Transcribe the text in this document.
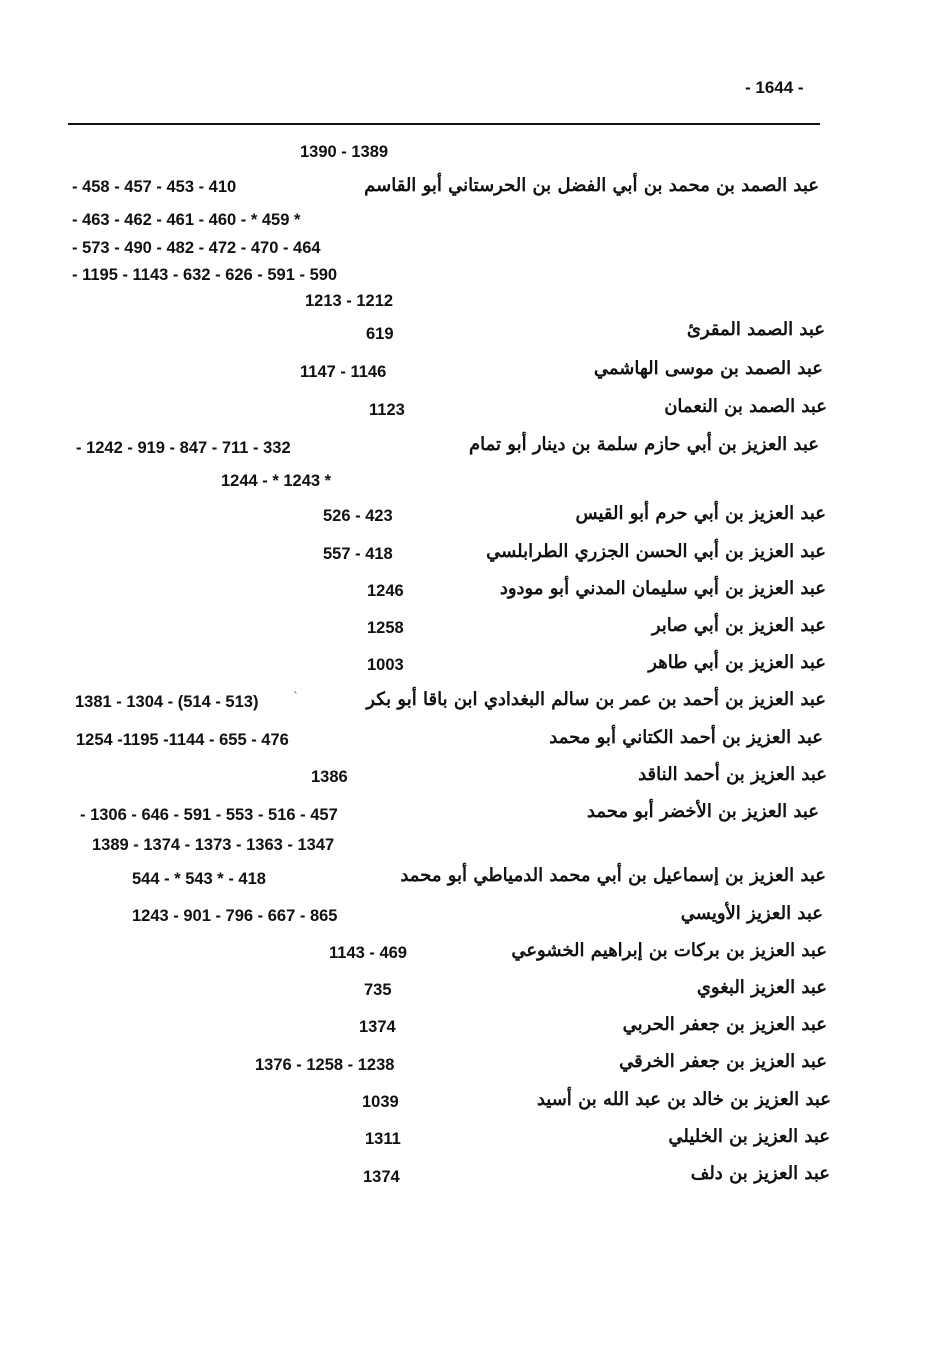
- 1644 -
1390 - 1389
عبد الصمد بن محمد بن أبي الفضل بن الحرستاني أبو القاسم
- 458 - 457 - 453 - 410
- 463 - 462 - 461 - 460 - * 459 *
- 573 - 490 - 482 - 472 - 470 - 464
- 1195 - 1143 - 632 - 626 - 591 - 590
1213 - 1212
عبد الصمد المقرئ
619
عبد الصمد بن موسى الهاشمي
1147 - 1146
عبد الصمد بن النعمان
1123
عبد العزيز بن أبي حازم سلمة بن دينار أبو تمام
- 1242 - 919 - 847 - 711 - 332
1244 - * 1243 *
عبد العزيز بن أبي حرم أبو القيس
526 - 423
عبد العزيز بن أبي الحسن الجزري الطرابلسي
557 - 418
عبد العزيز بن أبي سليمان المدني أبو مودود
1246
عبد العزيز بن أبي صابر
1258
عبد العزيز بن أبي طاهر
1003
عبد العزيز بن أحمد بن عمر بن سالم البغدادي ابن باقا أبو بكر
1381 - 1304 - (514 - 513)	`
عبد العزيز بن أحمد الكتاني أبو محمد
1254 -1195 -1144 - 655 - 476
عبد العزيز بن أحمد الناقد
1386
عبد العزيز بن الأخضر أبو محمد
- 1306 - 646 - 591 - 553 - 516 - 457
1389 - 1374 - 1373 - 1363 - 1347
عبد العزيز بن إسماعيل بن أبي محمد الدمياطي أبو محمد
544 - * 543 * - 418
عبد العزيز الأويسي
1243 - 901 - 796 - 667 - 865
عبد العزيز بن بركات بن إبراهيم الخشوعي
1143 - 469
عبد العزيز البغوي
735
عبد العزيز بن جعفر الحربي
1374
عبد العزيز بن جعفر الخرقي
1376 - 1258 - 1238
عبد العزيز بن خالد بن عبد الله بن أسيد
1039
عبد العزيز بن الخليلي
1311
عبد العزيز بن دلف
1374
